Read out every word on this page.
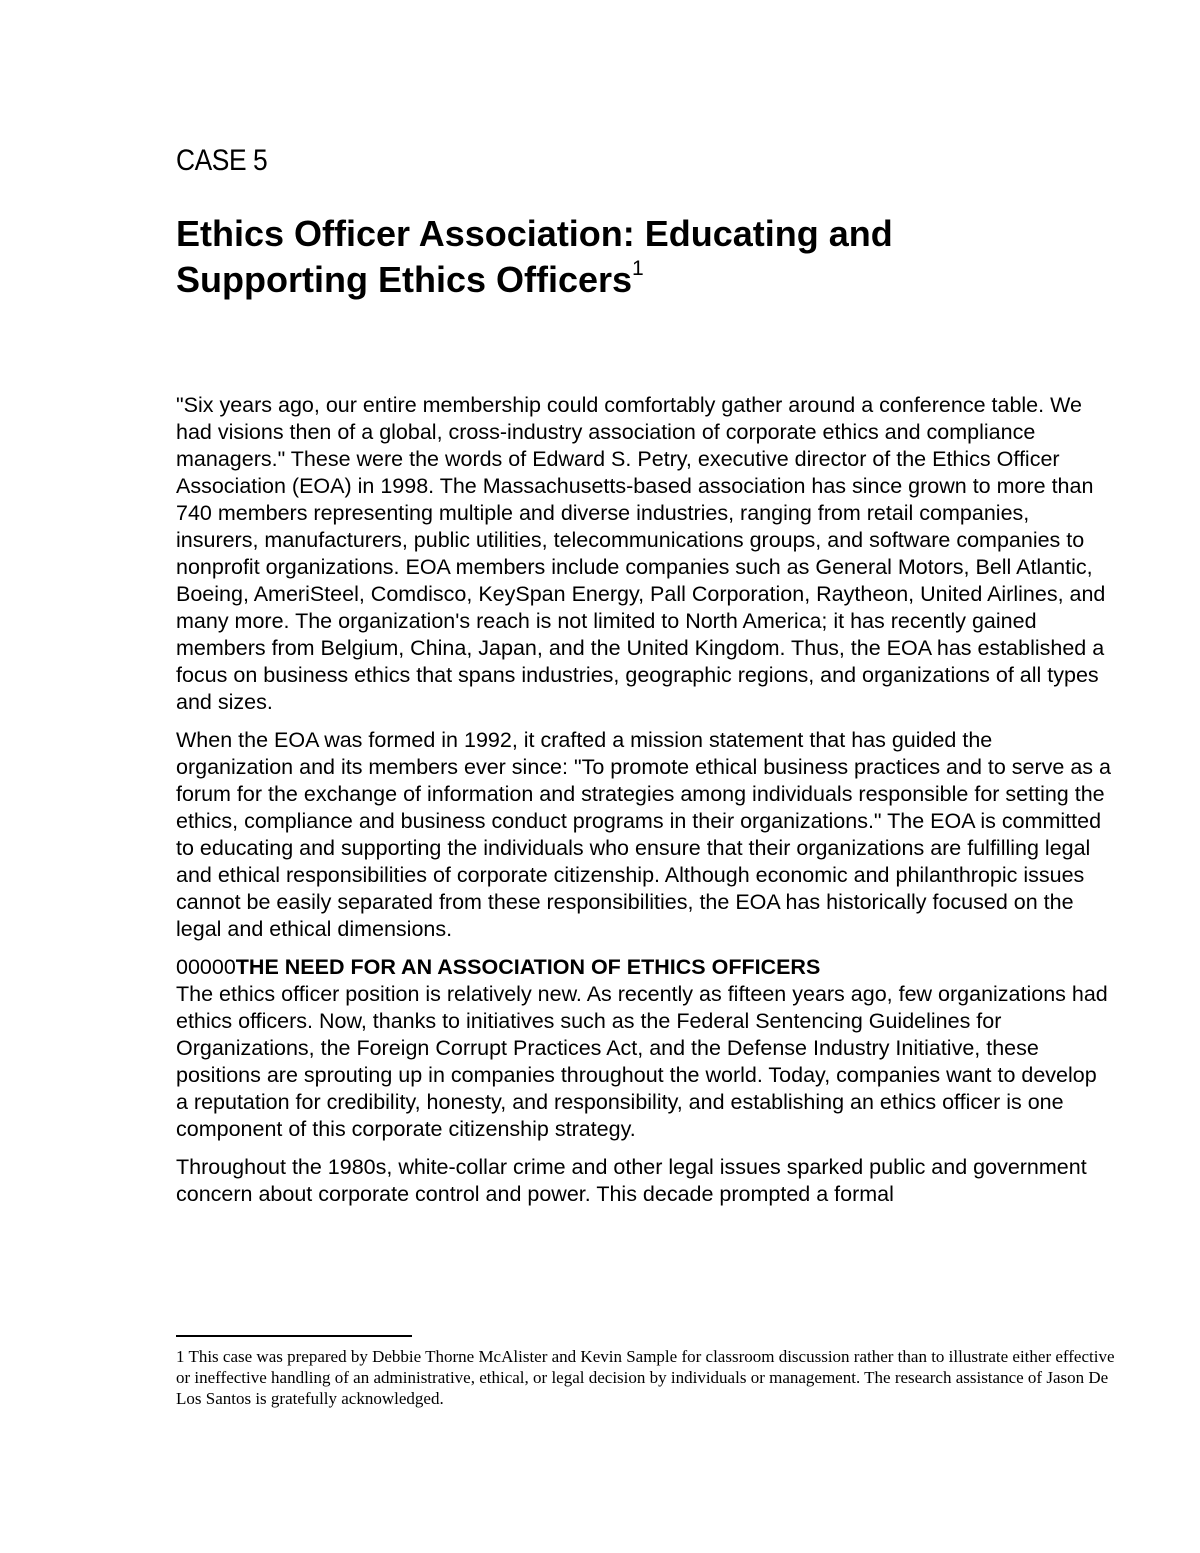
CASE 5
Ethics Officer Association: Educating and Supporting Ethics Officers$^1$

"Six years ago, our entire membership could comfortably gather around a conference table. We had visions then of a global, cross-industry association of corporate ethics and compliance managers." These were the words of Edward S. Petry, executive director of the Ethics Officer Association (EOA) in 1998. The Massachusetts-based association has since grown to more than 740 members representing multiple and diverse industries, ranging from retail companies, insurers, manufacturers, public utilities, telecommunications groups, and software companies to nonprofit organizations. EOA members include companies such as General Motors, Bell Atlantic, Boeing, AmeriSteel, Comdisco, KeySpan Energy, Pall Corporation, Raytheon, United Airlines, and many more. The organization's reach is not limited to North America; it has recently gained members from Belgium, China, Japan, and the United Kingdom. Thus, the EOA has established a focus on business ethics that spans industries, geographic regions, and organizations of all types and sizes.

When the EOA was formed in 1992, it crafted a mission statement that has guided the organization and its members ever since: "To promote ethical business practices and to serve as a forum for the exchange of information and strategies among individuals responsible for setting the ethics, compliance and business conduct programs in their organizations." The EOA is committed to educating and supporting the individuals who ensure that their organizations are fulfilling legal and ethical responsibilities of corporate citizenship. Although economic and philanthropic issues cannot be easily separated from these responsibilities, the EOA has historically focused on the legal and ethical dimensions.

00000THE NEED FOR AN ASSOCIATION OF ETHICS OFFICERS

The ethics officer position is relatively new. As recently as fifteen years ago, few organizations had ethics officers. Now, thanks to initiatives such as the Federal Sentencing Guidelines for Organizations, the Foreign Corrupt Practices Act, and the Defense Industry Initiative, these positions are sprouting up in companies throughout the world. Today, companies want to develop a reputation for credibility, honesty, and responsibility, and establishing an ethics officer is one component of this corporate citizenship strategy.

Throughout the 1980s, white-collar crime and other legal issues sparked public and government concern about corporate control and power. This decade prompted a formal

1 This case was prepared by Debbie Thorne McAlister and Kevin Sample for classroom discussion rather than to illustrate either effective or ineffective handling of an administrative, ethical, or legal decision by individuals or management. The research assistance of Jason De Los Santos is gratefully acknowledged.
